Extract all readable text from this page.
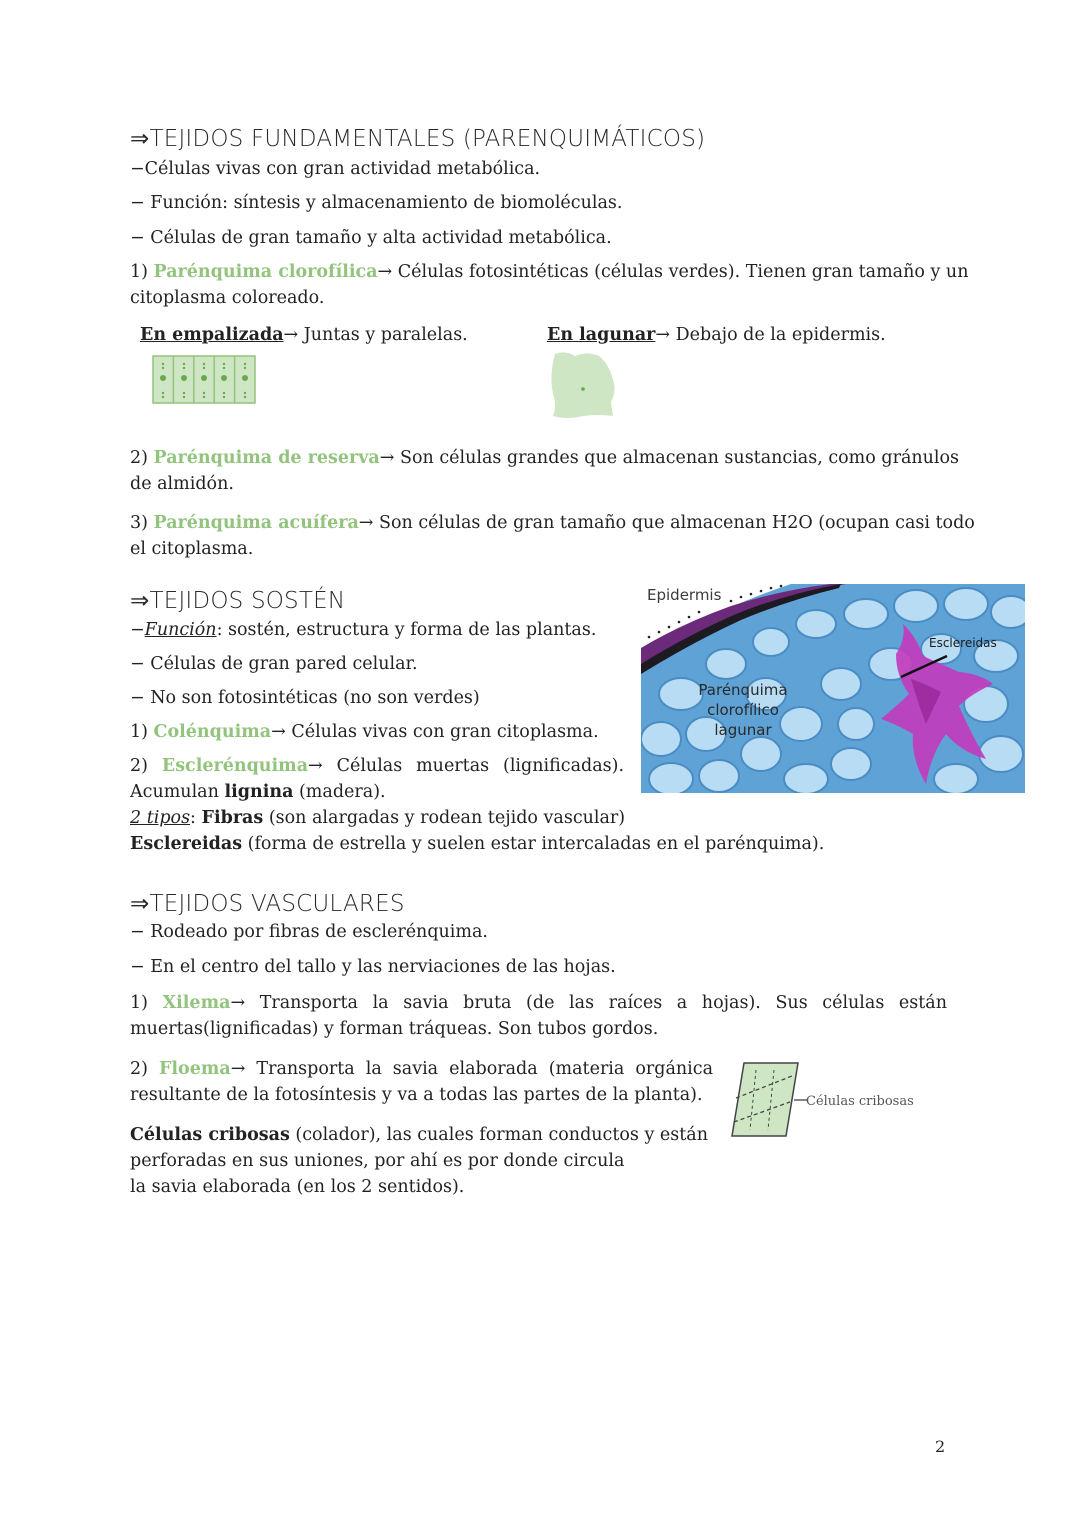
⇒TEJIDOS FUNDAMENTALES (PARENQUIMÁTICOS)
−Células vivas con gran actividad metabólica.
− Función: síntesis y almacenamiento de biomoléculas.
− Células de gran tamaño y alta actividad metabólica.
1) Parénquima clorofílica→ Células fotosintéticas (células verdes). Tienen gran tamaño y un
citoplasma coloreado.
En empalizada→ Juntas y paralelas.	En lagunar→ Debajo de la epidermis.
2) Parénquima de reserva→ Son células grandes que almacenan sustancias, como gránulos
de almidón.
3) Parénquima acuífera→ Son células de gran tamaño que almacenan H2O (ocupan casi todo
el citoplasma.
⇒TEJIDOS SOSTÉN
−Función: sostén, estructura y forma de las plantas.
− Células de gran pared celular.
− No son fotosintéticas (no son verdes)
1) Colénquima→ Células vivas con gran citoplasma.
2) Esclerénquima→ Células muertas (lignificadas).
Acumulan lignina (madera).
2 tipos: Fibras (son alargadas y rodean tejido vascular)
Esclereidas (forma de estrella y suelen estar intercaladas en el parénquima).
Epidermis
Esclereidas
Parénquima
clorofílico
lagunar
⇒TEJIDOS VASCULARES
− Rodeado por fibras de esclerénquima.
− En el centro del tallo y las nerviaciones de las hojas.
1) Xilema→ Transporta la savia bruta (de las raíces a hojas). Sus células están
muertas(lignificadas) y forman tráqueas. Son tubos gordos.
2) Floema→ Transporta la savia elaborada (materia orgánica
resultante de la fotosíntesis y va a todas las partes de la planta).
Células cribosas (colador), las cuales forman conductos y están
perforadas en sus uniones, por ahí es por donde circula
la savia elaborada (en los 2 sentidos).
Células cribosas
2
